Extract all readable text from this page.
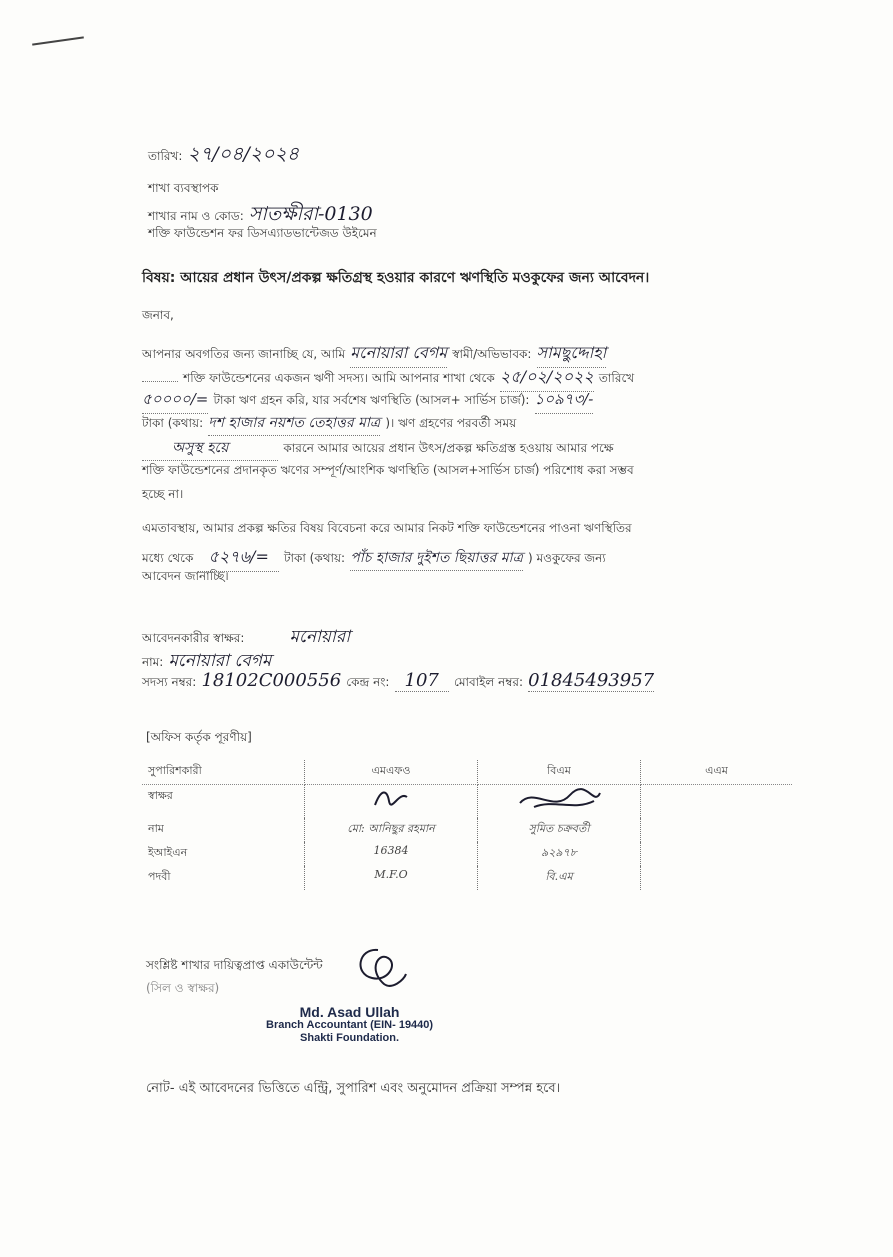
তারিখ: ২৭/০৪/২০২৪
শাখা ব্যবস্থাপক
শাখার নাম ও কোড: সাতক্ষীরা-0130
শক্তি ফাউন্ডেশন ফর ডিসএ্যাডভান্টেজড উইমেন
বিষয়: আয়ের প্রধান উৎস/প্রকল্প ক্ষতিগ্রস্থ হওয়ার কারণে ঋণস্থিতি মওকুফের জন্য আবেদন।
জনাব,
আপনার অবগতির জন্য জানাচ্ছি যে, আমি মনোয়ারা বেগম স্বামী/অভিভাবক: সামছুদ্দোহা
শক্তি ফাউন্ডেশনের একজন ঋণী সদস্য। আমি আপনার শাখা থেকে ২৫/০২/২০২২ তারিখে
৫০০০০/= টাকা ঋণ গ্রহন করি, যার সর্বশেষ ঋণস্থিতি (আসল+ সার্ভিস চার্জ): ১০৯৭৩/-
টাকা (কথায়: দশ হাজার নয়শত তেহাত্তর মাত্র )। ঋণ গ্রহণের পরবর্তী সময়
অসুস্থ হয়ে	কারনে আমার আয়ের প্রধান উৎস/প্রকল্প ক্ষতিগ্রস্ত হওয়ায় আমার পক্ষে
শক্তি ফাউন্ডেশনের প্রদানকৃত ঋণের সম্পূর্ণ/আংশিক ঋণস্থিতি (আসল+সার্ভিস চার্জ) পরিশোধ করা সম্ভব
হচ্ছে না।
এমতাবস্থায়, আমার প্রকল্প ক্ষতির বিষয় বিবেচনা করে আমার নিকট শক্তি ফাউন্ডেশনের পাওনা ঋণস্থিতির
মধ্যে থেকে ৫২৭৬/= টাকা (কথায়: পাঁচ হাজার দুইশত ছিয়াত্তর মাত্র ) মওকুফের জন্য
আবেদন জানাচ্ছি।
আবেদনকারীর স্বাক্ষর:	মনোয়ারা
নাম: মনোয়ারা বেগম
সদস্য নম্বর: 18102C000556 কেন্দ্র নং: 107 মোবাইল নম্বর: 01845493957
[অফিস কর্তৃক পূরণীয়]
সুপারিশকারী	এমএফও	বিএম	এএম
স্বাক্ষর			
নাম	মো: আনিছুর রহমান	সুমিত চক্রবর্তী	
ইআইএন	16384	৯২৯৭৮	
পদবী	M.F.O	বি.এম	
সংশ্লিষ্ট শাখার দায়িত্বপ্রাপ্ত একাউন্টেন্ট
(সিল ও স্বাক্ষর)
Md. Asad Ullah
Branch Accountant (EIN- 19440)
Shakti Foundation.
নোট- এই আবেদনের ভিত্তিতে এন্ট্রি, সুপারিশ এবং অনুমোদন প্রক্রিয়া সম্পন্ন হবে।
